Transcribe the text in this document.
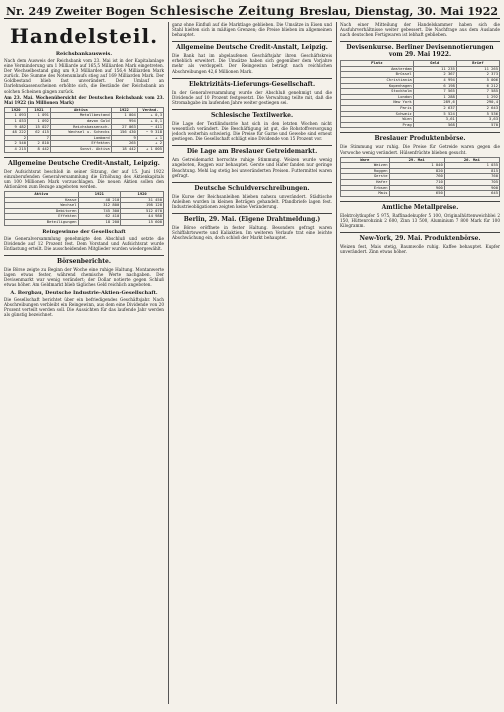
Nr. 249 Zweiter Bogen Schlesische Zeitung Breslau, Dienstag, 30. Mai 1922
Handelsteil.
Reichsbankausweis.

Nach dem Ausweis der Reichsbank vom 23. Mai ist in der Kapitalanlage eine Verminderung um 1 Milliarde auf 165,5 Milliarden Mark eingetreten. Der Wechselbestand ging um 9,3 Milliarden auf 156,4 Milliarden Mark zurück. Die Summe des Notenumlaufs stieg auf 169 Milliarden Mark. Der Goldbestand blieb fast unverändert. Der Umlauf an Darlehnskassenscheinen erhöhte sich, die Bestände der Reichsbank an solchen Scheinen gingen zurück.

Am 23. Mai. Wochenübersicht der Deutschen Reichsbank vom 23. Mai 1922 (in Millionen Mark)

1920	1921	Aktiva	1922	Veränd.
1 093	1 091	Metallbestand	1 004	+ 0,3
1 033	1 092	davon Gold	994	+ 0,1
9 482	15 027	Reichskassensch.	27 063	− 411
48 222	62 415	Wechsel u. Schecks	156 430	− 9 318
2	7	Lombard	9	+ 1
2 540	2 810	Effekten	265	+ 2
4 215	8 442	Sonst. Aktiva	18 442	+ 1 005
Allgemeine Deutsche Credit-Anstalt, Leipzig.

Der Aufsichtsrat beschloß in seiner Sitzung, der auf 15. Juni 1922 einzuberufenden Generalversammlung die Erhöhung des Aktienkapitals um 100 Millionen Mark vorzuschlagen. Die neuen Aktien sollen den Aktionären zum Bezuge angeboten werden.

Aktiva	1921	1920
Kasse	48 210	31 450
Wechsel	312 800	198 120
Debitoren	745 300	512 070
Effekten	62 410	44 980
Beteiligungen	18 200	15 600
Reingewinne der Gesellschaft

Die Generalversammlung genehmigte den Abschluß und setzte die Dividende auf 12 Prozent fest. Dem Vorstand und Aufsichtsrat wurde Entlastung erteilt. Die ausscheidenden Mitglieder wurden wiedergewählt.

Börsenberichte.

Die Börse zeigte zu Beginn der Woche eine ruhige Haltung. Montanwerte lagen etwas fester, während chemische Werte nachgaben. Der Devisenmarkt war wenig verändert; der Dollar notierte gegen Schluß etwas höher. Am Geldmarkt blieb tägliches Geld reichlich angeboten.

A. Bergbau, Deutsche Industrie-Aktien-Gesellschaft.

Die Gesellschaft berichtet über ein befriedigendes Geschäftsjahr. Nach Abschreibungen verbleibt ein Reingewinn, aus dem eine Dividende von 20 Prozent verteilt werden soll. Die Aussichten für das laufende Jahr werden als günstig bezeichnet.

ganz ohne Einfluß auf die Marktlage geblieben. Die Umsätze in Eisen und Stahl hielten sich in mäßigen Grenzen; die Preise blieben im allgemeinen behauptet.

Allgemeine Deutsche Credit-Anstalt, Leipzig.

Die Bank hat im abgelaufenen Geschäftsjahr ihren Geschäftskreis erheblich erweitert. Die Umsätze haben sich gegenüber dem Vorjahre mehr als verdoppelt. Der Reingewinn beträgt nach reichlichen Abschreibungen 42,6 Millionen Mark.

Elektrizitäts-Lieferungs-Gesellschaft.

In der Generalversammlung wurde der Abschluß genehmigt und die Dividende auf 10 Prozent festgesetzt. Die Verwaltung teilte mit, daß die Stromabgabe im laufenden Jahre weiter gestiegen sei.

Schlesische Textilwerke.

Die Lage der Textilindustrie hat sich in den letzten Wochen nicht wesentlich verändert. Die Beschäftigung ist gut, die Rohstoffversorgung jedoch weiterhin schwierig. Die Preise für Garne und Gewebe sind erneut gestiegen. Die Gesellschaft schlägt eine Dividende von 15 Prozent vor.

Die Lage am Breslauer Getreidemarkt.

Am Getreidemarkt herrschte ruhige Stimmung. Weizen wurde wenig angeboten, Roggen war behauptet. Gerste und Hafer fanden nur geringe Beachtung. Mehl lag stetig bei unveränderten Preisen. Futtermittel waren gefragt.

Deutsche Schuldverschreibungen.

Die Kurse der Reichsanleihen blieben nahezu unverändert. Städtische Anleihen wurden in kleinen Beträgen gehandelt. Pfandbriefe lagen fest. Industrieobligationen zeigten keine Veränderung.

Berlin, 29. Mai. (Eigene Drahtmeldung.)

Die Börse eröffnete in fester Haltung. Besonders gefragt waren Schiffahrtswerte und Kaliaktien. Im weiteren Verlaufe trat eine leichte Abschwächung ein, doch schloß der Markt behauptet.

Nach einer Mitteilung der Handelskammer haben sich die Ausfuhrverhältnisse weiter gebessert. Die Nachfrage aus dem Auslande nach deutschen Fertigwaren ist lebhaft geblieben.

Devisenkurse. Berliner Devisennotierungen vom 29. Mai 1922.
Platz	Geld	Brief
Amsterdam	11 235	11 265
Brüssel	2 367	2 373
Christiania	4 994	5 006
Kopenhagen	6 198	6 212
Stockholm	7 565	7 585
London	1 288	1 292
New York	289,6	290,4
Paris	2 637	2 643
Schweiz	5 524	5 536
Wien	3,61	3,63
Prag	568	570
Breslauer Produktenbörse.

Die Stimmung war ruhig. Die Preise für Getreide waren gegen die Vorwoche wenig verändert. Hülsenfrüchte blieben gesucht.

Ware	29. Mai	26. Mai
Weizen	1 040	1 035
Roggen	820	815
Gerste	760	760
Hafer	710	705
Erbsen	900	900
Mais	650	645
Amtliche Metallpreise.

Elektrolytkupfer 5 975, Raffinadekupfer 5 100, Originalhüttenweichblei 2 150, Hüttenrohzink 2 600, Zinn 13 500, Aluminium 7 800 Mark für 100 Kilogramm.

New-York, 29. Mai. Produktenbörse.

Weizen fest, Mais stetig, Baumwolle ruhig. Kaffee behauptet. Kupfer unverändert. Zinn etwas höher.
